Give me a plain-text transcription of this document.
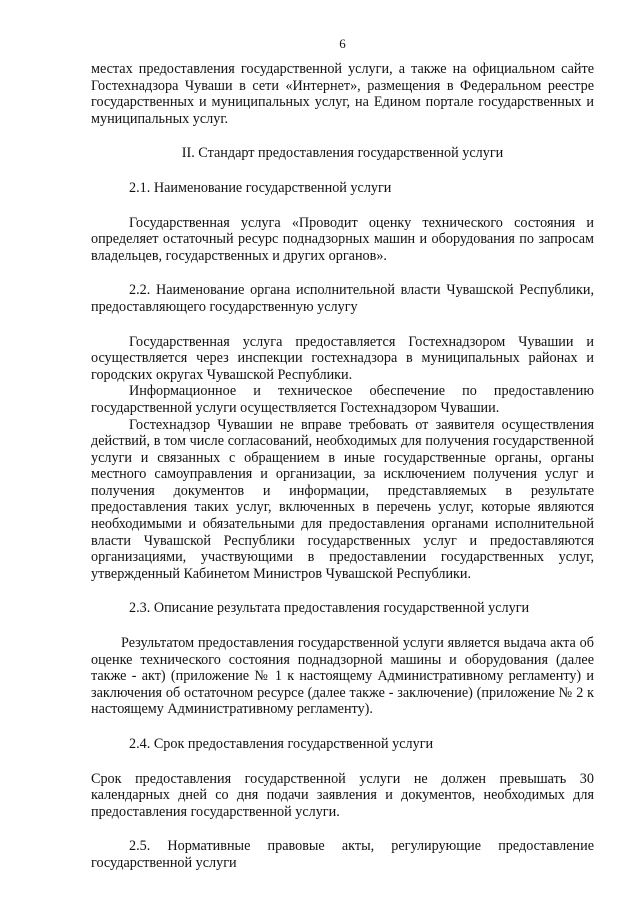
6

местах предоставления государственной услуги, а также на официальном сайте Гостехнадзора Чуваши в сети «Интернет», размещения в Федеральном реестре государственных и муниципальных услуг, на Едином портале государственных и муниципальных услуг.

II. Стандарт предоставления государственной услуги

2.1. Наименование государственной услуги

Государственная услуга «Проводит оценку технического состояния и определяет остаточный ресурс поднадзорных машин и оборудования по запросам владельцев, государственных и других органов».

2.2. Наименование органа исполнительной власти Чувашской Республики, предоставляющего государственную услугу

Государственная услуга предоставляется Гостехнадзором Чувашии и осуществляется через инспекции гостехнадзора в муниципальных районах и городских округах Чувашской Республики.

Информационное и техническое обеспечение по предоставлению государственной услуги осуществляется Гостехнадзором Чувашии.

Гостехнадзор Чувашии не вправе требовать от заявителя осуществления действий, в том числе согласований, необходимых для получения государственной услуги и связанных с обращением в иные государственные органы, органы местного самоуправления и организации, за исключением получения услуг и получения документов и информации, представляемых в результате предоставления таких услуг, включенных в перечень услуг, которые являются необходимыми и обязательными для предоставления органами исполнительной власти Чувашской Республики государственных услуг и предоставляются организациями, участвующими в предоставлении государственных услуг, утвержденный Кабинетом Министров Чувашской Республики.

2.3. Описание результата предоставления государственной услуги

Результатом предоставления государственной услуги является выдача акта об оценке технического состояния поднадзорной машины и оборудования (далее также - акт) (приложение № 1 к настоящему Административному регламенту) и заключения об остаточном ресурсе (далее также - заключение) (приложение № 2 к настоящему Административному регламенту).

2.4. Срок предоставления государственной услуги

Срок предоставления государственной услуги не должен превышать 30 календарных дней со дня подачи заявления и документов, необходимых для предоставления государственной услуги.

2.5. Нормативные правовые акты, регулирующие предоставление государственной услуги
